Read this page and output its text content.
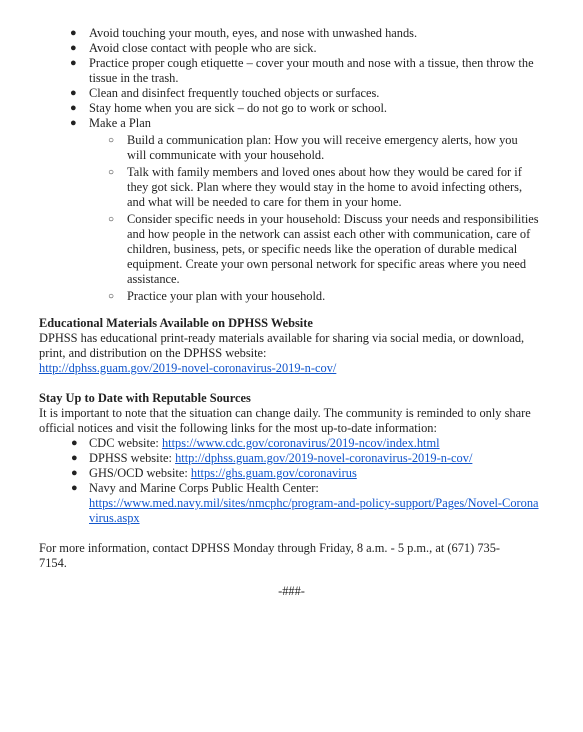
● Avoid touching your mouth, eyes, and nose with unwashed hands.
● Avoid close contact with people who are sick.
● Practice proper cough etiquette – cover your mouth and nose with a tissue, then throw the tissue in the trash.
● Clean and disinfect frequently touched objects or surfaces.
● Stay home when you are sick – do not go to work or school.
● Make a Plan
○ Build a communication plan: How you will receive emergency alerts, how you will communicate with your household.
○ Talk with family members and loved ones about how they would be cared for if they got sick. Plan where they would stay in the home to avoid infecting others, and what will be needed to care for them in your home.
○ Consider specific needs in your household: Discuss your needs and responsibilities and how people in the network can assist each other with communication, care of children, business, pets, or specific needs like the operation of durable medical equipment. Create your own personal network for specific areas where you need assistance.
○ Practice your plan with your household.
Educational Materials Available on DPHSS Website
DPHSS has educational print-ready materials available for sharing via social media, or download, print, and distribution on the DPHSS website:
http://dphss.guam.gov/2019-novel-coronavirus-2019-n-cov/
Stay Up to Date with Reputable Sources
It is important to note that the situation can change daily. The community is reminded to only share official notices and visit the following links for the most up-to-date information:
● CDC website: https://www.cdc.gov/coronavirus/2019-ncov/index.html
● DPHSS website: http://dphss.guam.gov/2019-novel-coronavirus-2019-n-cov/
● GHS/OCD website: https://ghs.guam.gov/coronavirus
● Navy and Marine Corps Public Health Center:
https://www.med.navy.mil/sites/nmcphc/program-and-policy-support/Pages/Novel-Coronavirus.aspx
For more information, contact DPHSS Monday through Friday, 8 a.m. - 5 p.m., at (671) 735-7154.
-###-
